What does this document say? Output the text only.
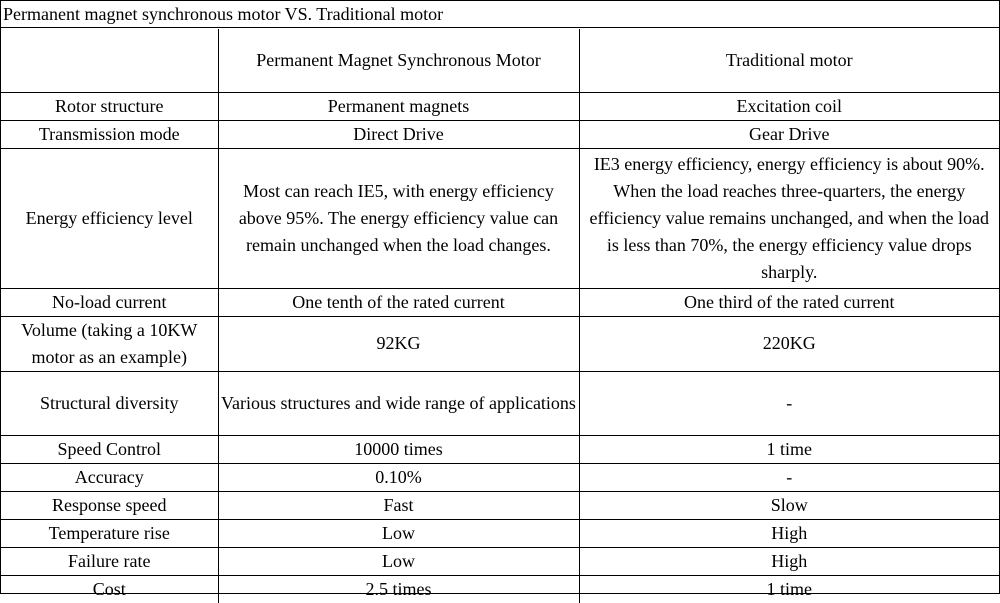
Permanent magnet synchronous motor VS. Traditional motor
	Permanent Magnet Synchronous Motor	Traditional motor
Rotor structure	Permanent magnets	Excitation coil
Transmission mode	Direct Drive	Gear Drive
Energy efficiency level	Most can reach IE5, with energy efficiency above 95%. The energy efficiency value can remain unchanged when the load changes.	IE3 energy efficiency, energy efficiency is about 90%. When the load reaches three-quarters, the energy efficiency value remains unchanged, and when the load is less than 70%, the energy efficiency value drops sharply.
No-load current	One tenth of the rated current	One third of the rated current
Volume (taking a 10KW motor as an example)	92KG	220KG
Structural diversity	Various structures and wide range of applications	-
Speed Control	10000 times	1 time
Accuracy	0.10%	-
Response speed	Fast	Slow
Temperature rise	Low	High
Failure rate	Low	High
Cost	2.5 times	1 time
